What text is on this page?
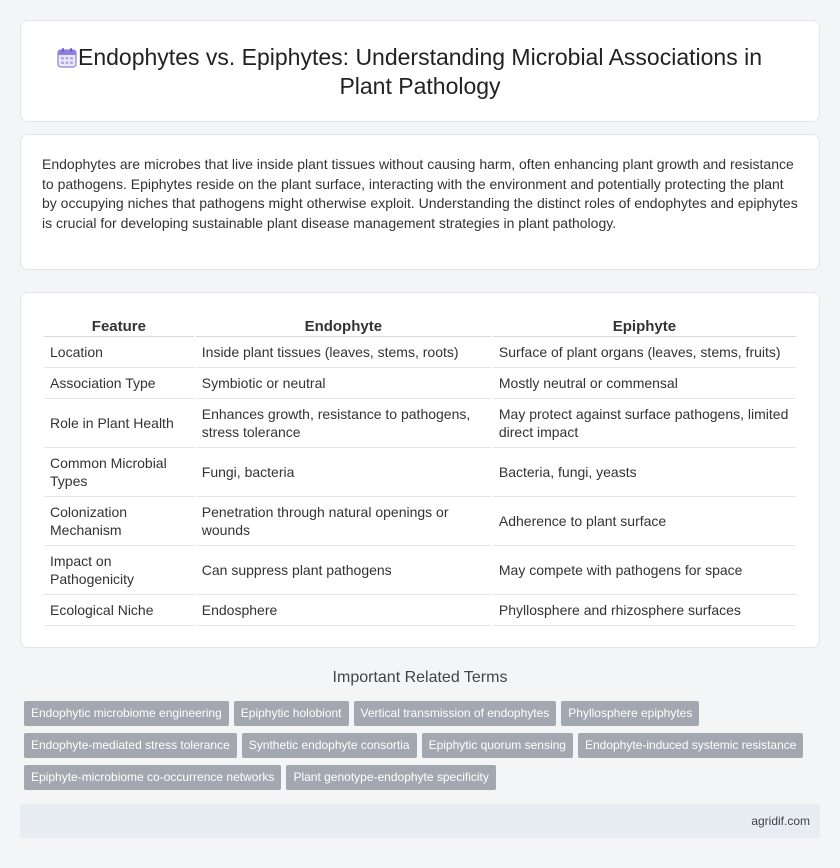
Endophytes vs. Epiphytes: Understanding Microbial Associations in Plant Pathology

Endophytes are microbes that live inside plant tissues without causing harm, often enhancing plant growth and resistance to pathogens. Epiphytes reside on the plant surface, interacting with the environment and potentially protecting the plant by occupying niches that pathogens might otherwise exploit. Understanding the distinct roles of endophytes and epiphytes is crucial for developing sustainable plant disease management strategies in plant pathology.

Feature	Endophyte	Epiphyte
Location	Inside plant tissues (leaves, stems, roots)	Surface of plant organs (leaves, stems, fruits)
Association Type	Symbiotic or neutral	Mostly neutral or commensal
Role in Plant Health	Enhances growth, resistance to pathogens, stress tolerance	May protect against surface pathogens, limited direct impact
Common Microbial Types	Fungi, bacteria	Bacteria, fungi, yeasts
Colonization Mechanism	Penetration through natural openings or wounds	Adherence to plant surface
Impact on Pathogenicity	Can suppress plant pathogens	May compete with pathogens for space
Ecological Niche	Endosphere	Phyllosphere and rhizosphere surfaces
Important Related Terms
Endophytic microbiome engineering Epiphytic holobiont Vertical transmission of endophytes Phyllosphere epiphytes
Endophyte-mediated stress tolerance Synthetic endophyte consortia Epiphytic quorum sensing Endophyte-induced systemic resistance
Epiphyte-microbiome co-occurrence networks Plant genotype-endophyte specificity
agridif.com
